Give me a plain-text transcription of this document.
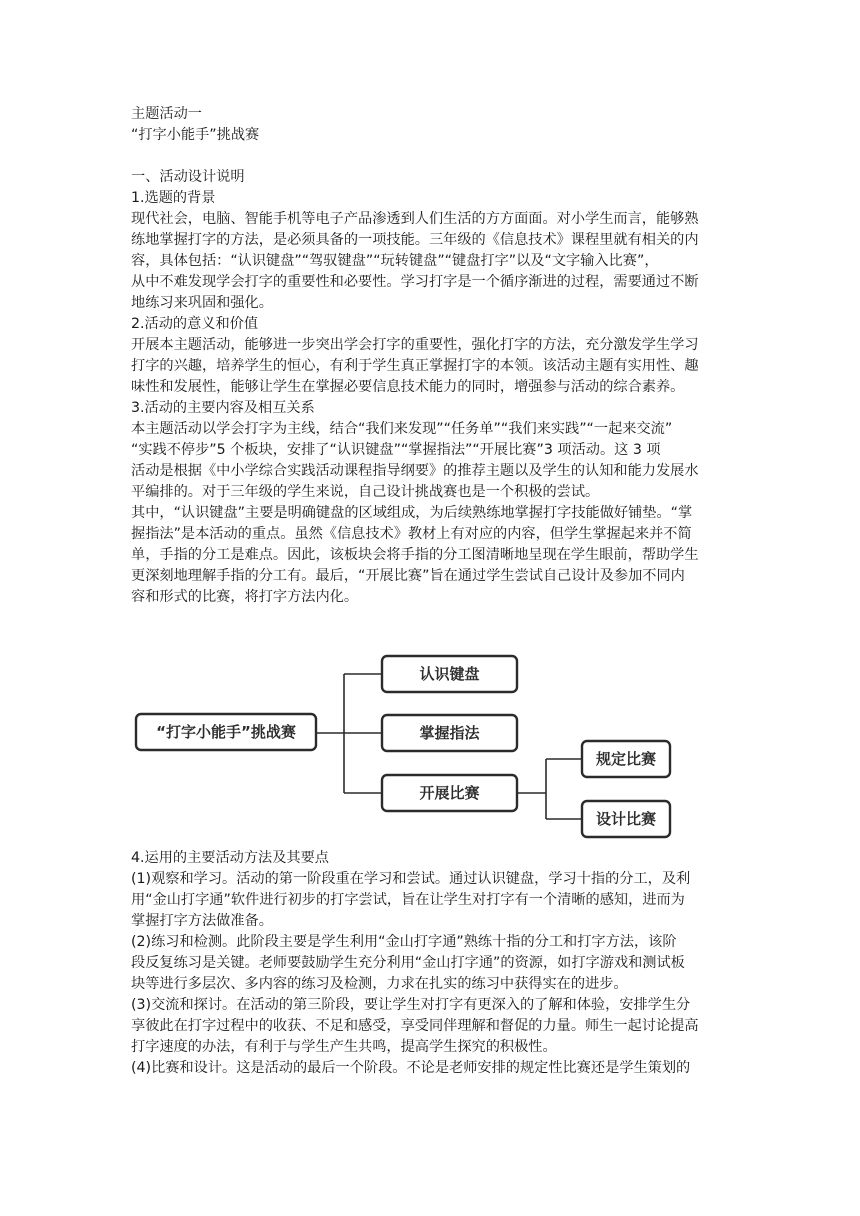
主题活动一

“打字小能手”挑战赛

一、活动设计说明

1.选题的背景

现代社会，电脑、智能手机等电子产品渗透到人们生活的方方面面。对小学生而言，能够熟

练地掌握打字的方法，是必须具备的一项技能。三年级的《信息技术》课程里就有相关的内

容，具体包括：“认识键盘”“驾驭键盘”“玩转键盘”“键盘打字”以及“文字输入比赛”，

从中不难发现学会打字的重要性和必要性。学习打字是一个循序渐进的过程，需要通过不断

地练习来巩固和强化。

2.活动的意义和价值

开展本主题活动，能够进一步突出学会打字的重要性，强化打字的方法，充分激发学生学习

打字的兴趣，培养学生的恒心，有利于学生真正掌握打字的本领。该活动主题有实用性、趣

味性和发展性，能够让学生在掌握必要信息技术能力的同时，增强参与活动的综合素养。

3.活动的主要内容及相互关系

本主题活动以学会打字为主线，结合“我们来发现”“任务单”“我们来实践”“一起来交流”

“实践不停步”5 个板块，安排了“认识键盘”“掌握指法”“开展比赛”3 项活动。这 3 项

活动是根据《中小学综合实践活动课程指导纲要》的推荐主题以及学生的认知和能力发展水

平编排的。对于三年级的学生来说，自己设计挑战赛也是一个积极的尝试。

其中，“认识键盘”主要是明确键盘的区域组成，为后续熟练地掌握打字技能做好铺垫。“掌

握指法”是本活动的重点。虽然《信息技术》教材上有对应的内容，但学生掌握起来并不简

单，手指的分工是难点。因此，该板块会将手指的分工图清晰地呈现在学生眼前，帮助学生

更深刻地理解手指的分工有。最后，“开展比赛”旨在通过学生尝试自己设计及参加不同内

容和形式的比赛，将打字方法内化。

“打字小能手”挑战赛
认识键盘
掌握指法
开展比赛
规定比赛
设计比赛

4.运用的主要活动方法及其要点

(1)观察和学习。活动的第一阶段重在学习和尝试。通过认识键盘，学习十指的分工，及利

用“金山打字通”软件进行初步的打字尝试，旨在让学生对打字有一个清晰的感知，进而为

掌握打字方法做准备。

(2)练习和检测。此阶段主要是学生利用“金山打字通”熟练十指的分工和打字方法，该阶

段反复练习是关键。老师要鼓励学生充分利用“金山打字通”的资源，如打字游戏和测试板

块等进行多层次、多内容的练习及检测，力求在扎实的练习中获得实在的进步。

(3)交流和探讨。在活动的第三阶段，要让学生对打字有更深入的了解和体验，安排学生分

享彼此在打字过程中的收获、不足和感受，享受同伴理解和督促的力量。师生一起讨论提高

打字速度的办法，有利于与学生产生共鸣，提高学生探究的积极性。

(4)比赛和设计。这是活动的最后一个阶段。不论是老师安排的规定性比赛还是学生策划的
